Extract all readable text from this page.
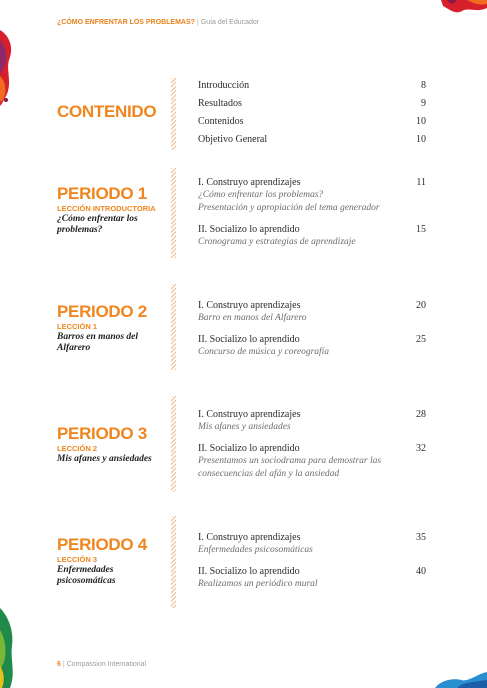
¿CÓMO ENFRENTAR LOS PROBLEMAS? | Guía del Educador
CONTENIDO
Introducción	8
Resultados	9
Contenidos	10
Objetivo General	10
PERIODO 1
LECCIÓN INTRODUCTORIA
¿Cómo enfrentar los problemas?
I. Construyo aprendizajes	11
¿Cómo enfrentar los problemas?
Presentación y apropiación del tema generador
II. Socializo lo aprendido	15
Cronograma y estrategias de aprendizaje
PERIODO 2
LECCIÓN 1
Barros en manos del Alfarero
I. Construyo aprendizajes	20
Barro en manos del Alfarero
II. Socializo lo aprendido	25
Concurso de música y coreografía
PERIODO 3
LECCIÓN 2
Mis afanes y ansiedades
I. Construyo aprendizajes	28
Mis afanes y ansiedades
II. Socializo lo aprendido	32
Presentamos un sociodrama para demostrar las
consecuencias del afán y la ansiedad
PERIODO 4
LECCIÓN 3
Enfermedades psicosomáticas
I. Construyo aprendizajes	35
Enfermedades psicosomáticas
II. Socializo lo aprendido	40
Realizamos un periódico mural
6 | Compassion International
